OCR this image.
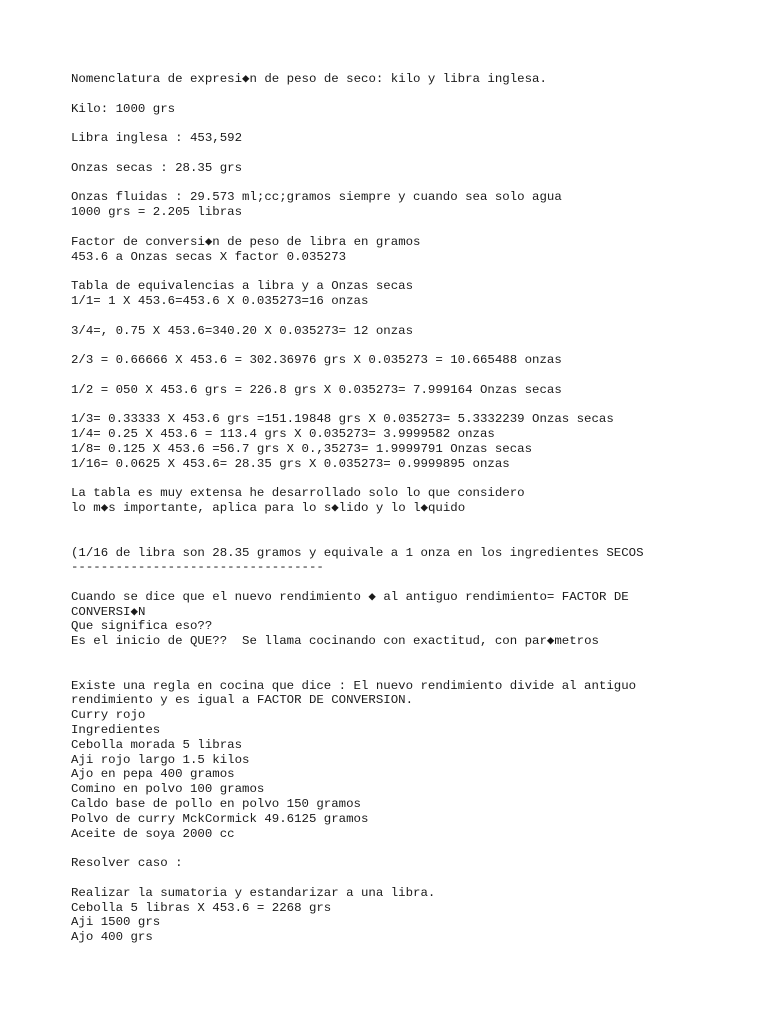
Nomenclatura de expresi◆n de peso de seco: kilo y libra inglesa.
Kilo: 1000 grs
Libra inglesa : 453,592
Onzas secas : 28.35 grs
Onzas fluidas : 29.573 ml;cc;gramos siempre y cuando sea solo agua
1000 grs = 2.205 libras
Factor de conversi◆n de peso de libra en gramos
453.6 a Onzas secas X factor 0.035273
Tabla de equivalencias a libra y a Onzas secas
1/1= 1 X 453.6=453.6 X 0.035273=16 onzas
3/4=, 0.75 X 453.6=340.20 X 0.035273= 12 onzas
2/3 = 0.66666 X 453.6 = 302.36976 grs X 0.035273 = 10.665488 onzas
1/2 = 050 X 453.6 grs = 226.8 grs X 0.035273= 7.999164 Onzas secas
1/3= 0.33333 X 453.6 grs =151.19848 grs X 0.035273= 5.3332239 Onzas secas
1/4= 0.25 X 453.6 = 113.4 grs X 0.035273= 3.9999582 onzas
1/8= 0.125 X 453.6 =56.7 grs X 0.,35273= 1.9999791 Onzas secas
1/16= 0.0625 X 453.6= 28.35 grs X 0.035273= 0.9999895 onzas
La tabla es muy extensa he desarrollado solo lo que considero
lo m◆s importante, aplica para lo s◆lido y lo l◆quido
(1/16 de libra son 28.35 gramos y equivale a 1 onza en los ingredientes SECOS
----------------------------------
Cuando se dice que el nuevo rendimiento ◆ al antiguo rendimiento= FACTOR DE
CONVERSI◆N
Que significa eso??
Es el inicio de QUE??  Se llama cocinando con exactitud, con par◆metros
Existe una regla en cocina que dice : El nuevo rendimiento divide al antiguo
rendimiento y es igual a FACTOR DE CONVERSION.
Curry rojo
Ingredientes
Cebolla morada 5 libras
Aji rojo largo 1.5 kilos
Ajo en pepa 400 gramos
Comino en polvo 100 gramos
Caldo base de pollo en polvo 150 gramos
Polvo de curry MckCormick 49.6125 gramos
Aceite de soya 2000 cc
Resolver caso :
Realizar la sumatoria y estandarizar a una libra.
Cebolla 5 libras X 453.6 = 2268 grs
Aji 1500 grs
Ajo 400 grs
